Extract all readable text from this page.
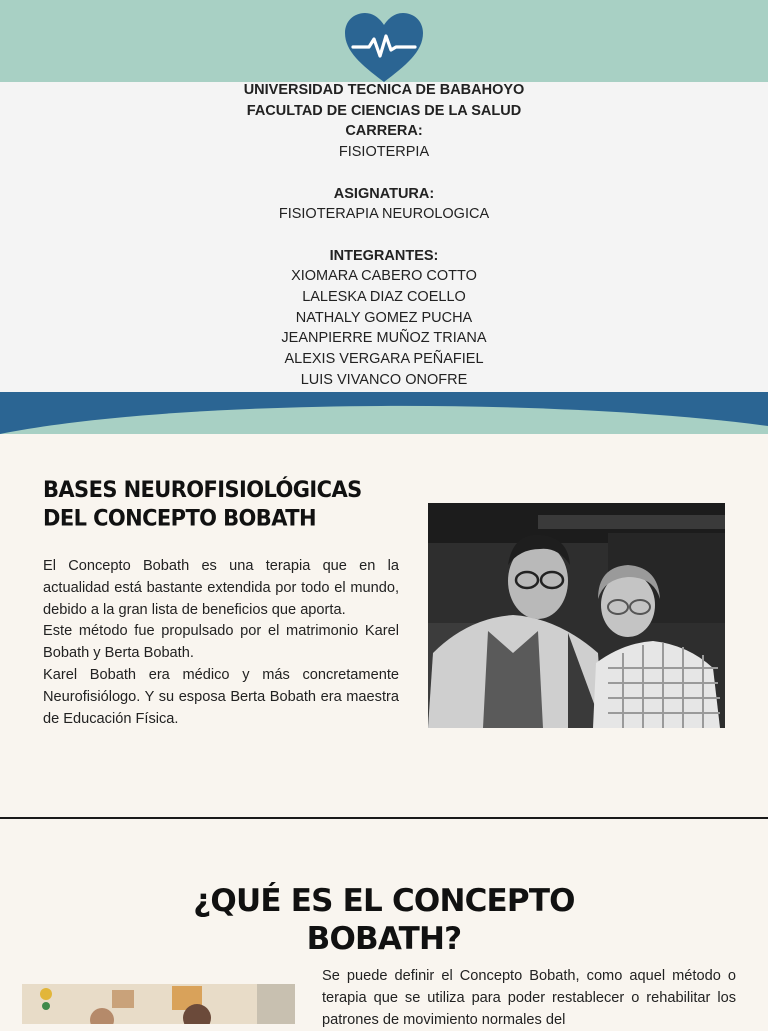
UNIVERSIDAD TECNICA DE BABAHOYO
FACULTAD DE CIENCIAS DE LA SALUD
CARRERA:
FISIOTERPIA
ASIGNATURA:
FISIOTERAPIA NEUROLOGICA
INTEGRANTES:
XIOMARA CABERO COTTO
LALESKA DIAZ COELLO
NATHALY GOMEZ PUCHA
JEANPIERRE MUÑOZ TRIANA
ALEXIS VERGARA PEÑAFIEL
LUIS VIVANCO ONOFRE
BASES NEUROFISIOLÓGICAS
DEL CONCEPTO BOBATH

El Concepto Bobath es una terapia que en la actualidad está bastante extendida por todo el mundo, debido a la gran lista de beneficios que aporta.

Este método fue propulsado por el matrimonio Karel Bobath y Berta Bobath.

Karel Bobath era médico y más concretamente Neurofisiólogo. Y su esposa Berta Bobath era maestra de Educación Física.

¿QUÉ ES EL CONCEPTO
BOBATH?
Se puede definir el Concepto Bobath, como aquel método o terapia que se utiliza para poder restablecer o rehabilitar los patrones de movimiento normales del
